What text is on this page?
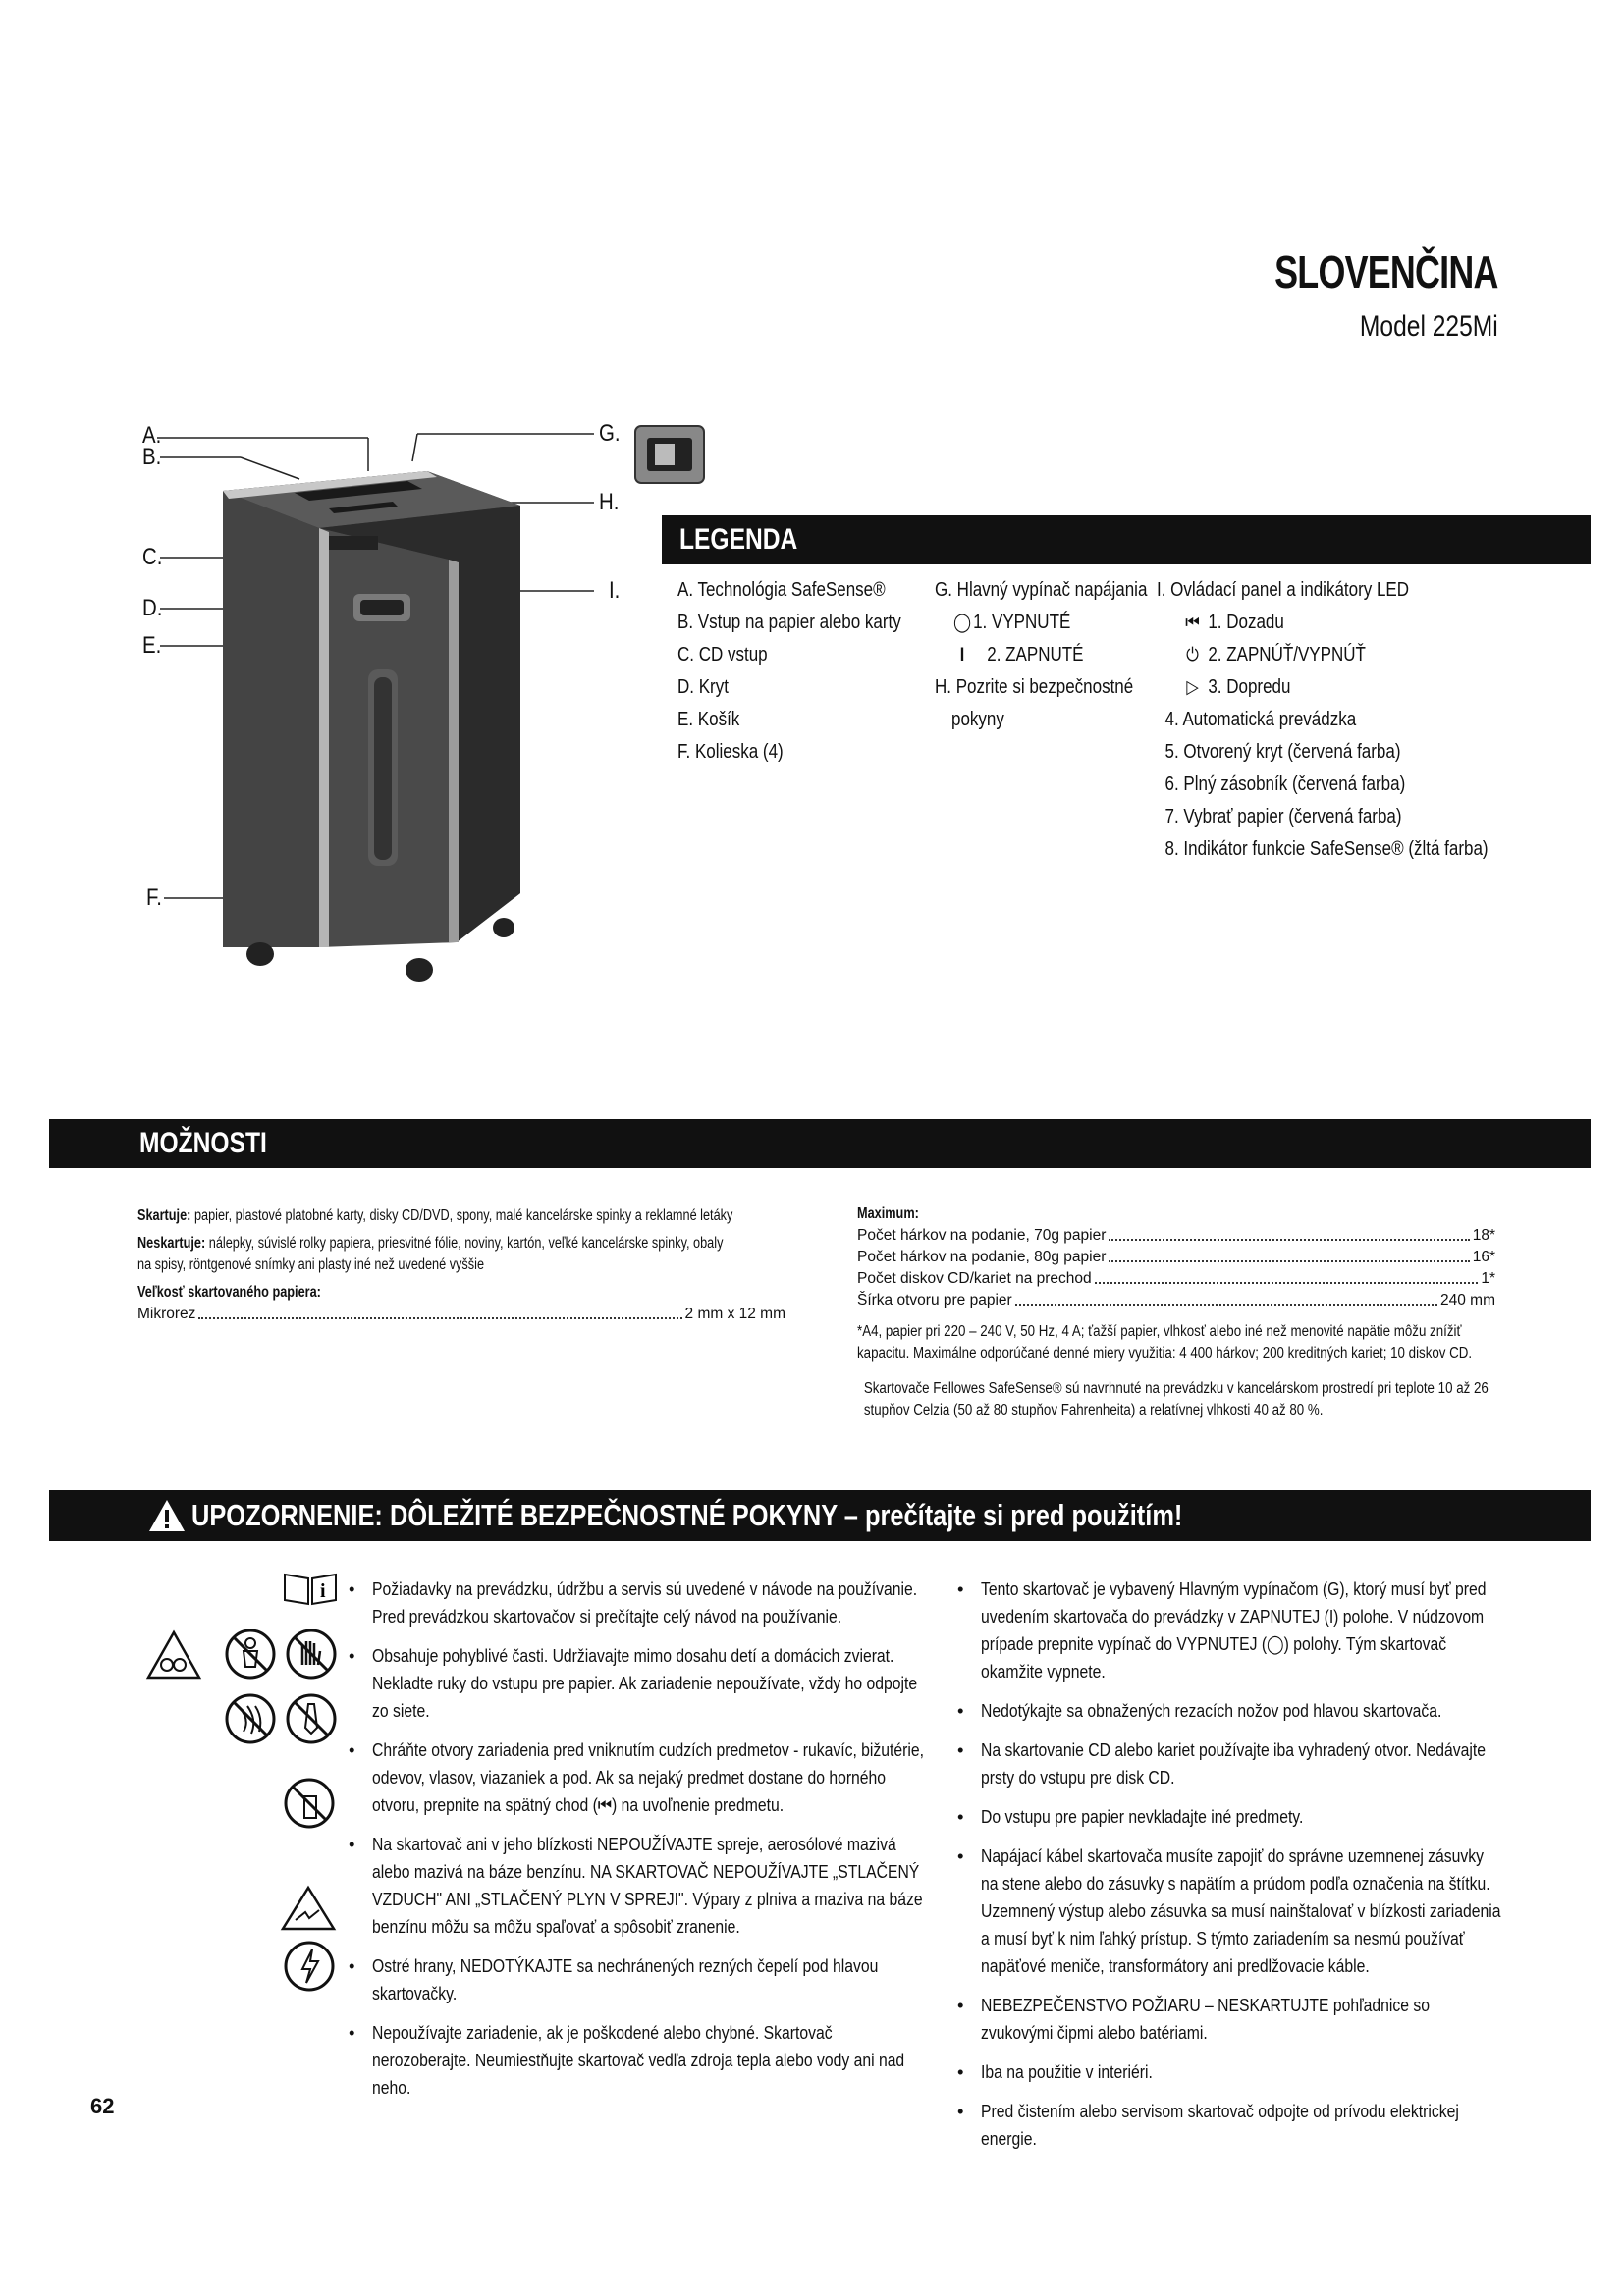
SLOVENČINA
Model 225Mi
A.
B.
C.
D.
E.
F.
G.
H.
I.
LEGENDA
A. Technológia SafeSense®
B. Vstup na papier alebo karty
C. CD vstup
D. Kryt
E. Košík
F. Kolieska (4)
G. Hlavný vypínač napájania
◯ 1. VYPNUTÉ
I 2. ZAPNUTÉ
H. Pozrite si bezpečnostné
pokyny
I. Ovládací panel a indikátory LED
⏮ 1. Dozadu
⏻ 2. ZAPNÚŤ/VYPNÚŤ
▷ 3. Dopredu
4. Automatická prevádzka
5. Otvorený kryt (červená farba)
6. Plný zásobník (červená farba)
7. Vybrať papier (červená farba)
8. Indikátor funkcie SafeSense® (žltá farba)
MOŽNOSTI
Skartuje: papier, plastové platobné karty, disky CD/DVD, spony, malé kancelárske spinky a reklamné letáky
Neskartuje: nálepky, súvislé rolky papiera, priesvitné fólie, noviny, kartón, veľké kancelárske spinky, obaly
na spisy, röntgenové snímky ani plasty iné než uvedené vyššie
Veľkosť skartovaného papiera:
Mikrorez	2 mm x 12 mm
Maximum:
Počet hárkov na podanie, 70g papier	18*
Počet hárkov na podanie, 80g papier	16*
Počet diskov CD/kariet na prechod	1*
Šírka otvoru pre papier	240 mm
*A4, papier pri 220 – 240 V, 50 Hz, 4 A; ťažší papier, vlhkosť alebo iné než menovité napätie môžu znížiť kapacitu. Maximálne odporúčané denné miery využitia: 4 400 hárkov; 200 kreditných kariet; 10 diskov CD.
Skartovače Fellowes SafeSense® sú navrhnuté na prevádzku v kancelárskom prostredí pri teplote 10 až 26 stupňov Celzia (50 až 80 stupňov Fahrenheita) a relatívnej vlhkosti 40 až 80 %.
UPOZORNENIE: DÔLEŽITÉ BEZPEČNOSTNÉ POKYNY – prečítajte si pred použitím!
i • Požiadavky na prevádzku, údržbu a servis sú uvedené v návode na používanie. Pred prevádzkou skartovačov si prečítajte celý návod na používanie.
• Obsahuje pohyblivé časti. Udržiavajte mimo dosahu detí a domácich zvierat. Nekladte ruky do vstupu pre papier. Ak zariadenie nepoužívate, vždy ho odpojte zo siete.
• Chráňte otvory zariadenia pred vniknutím cudzích predmetov - rukavíc, bižutérie, odevov, vlasov, viazaniek a pod. Ak sa nejaký predmet dostane do horného otvoru, prepnite na spätný chod (⏮) na uvoľnenie predmetu.
• Na skartovač ani v jeho blízkosti NEPOUŽÍVAJTE spreje, aerosólové mazivá alebo mazivá na báze benzínu. NA SKARTOVAČ NEPOUŽÍVAJTE „STLAČENÝ VZDUCH" ANI „STLAČENÝ PLYN V SPREJI". Výpary z plniva a maziva na báze benzínu môžu sa môžu spaľovať a spôsobiť zranenie.
• Ostré hrany, NEDOTÝKAJTE sa nechránených rezných čepelí pod hlavou skartovačky.
• Nepoužívajte zariadenie, ak je poškodené alebo chybné. Skartovač nerozoberajte. Neumiestňujte skartovač vedľa zdroja tepla alebo vody ani nad neho.
• Tento skartovač je vybavený Hlavným vypínačom (G), ktorý musí byť pred uvedením skartovača do prevádzky v ZAPNUTEJ (I) polohe. V núdzovom prípade prepnite vypínač do VYPNUTEJ (◯) polohy. Tým skartovač okamžite vypnete.
• Nedotýkajte sa obnažených rezacích nožov pod hlavou skartovača.
• Na skartovanie CD alebo kariet používajte iba vyhradený otvor. Nedávajte prsty do vstupu pre disk CD.
• Do vstupu pre papier nevkladajte iné predmety.
• Napájací kábel skartovača musíte zapojiť do správne uzemnenej zásuvky na stene alebo do zásuvky s napätím a prúdom podľa označenia na štítku. Uzemnený výstup alebo zásuvka sa musí nainštalovať v blízkosti zariadenia a musí byť k nim ľahký prístup. S týmto zariadením sa nesmú používať napäťové meniče, transformátory ani predlžovacie káble.
• NEBEZPEČENSTVO POŽIARU – NESKARTUJTE pohľadnice so zvukovými čipmi alebo batériami.
• Iba na použitie v interiéri.
• Pred čistením alebo servisom skartovač odpojte od prívodu elektrickej energie.
62
